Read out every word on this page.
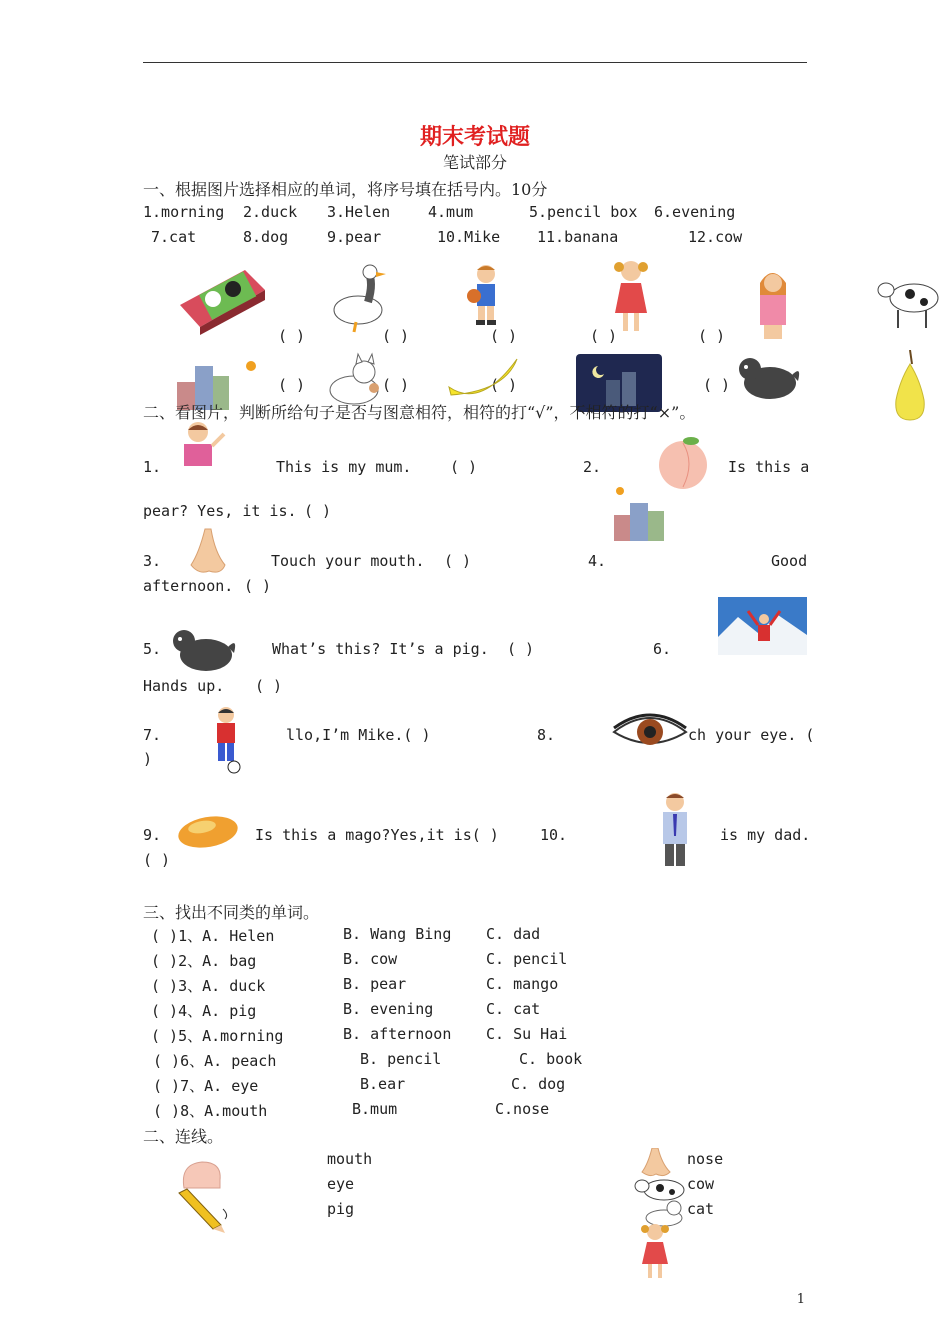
期末考试题
笔试部分
一、根据图片选择相应的单词，将序号填在括号内。10分
1.morning 2.duck 3.Helen	4.mum	5.pencil box 6.evening
7.cat	8.dog	9.pear	10.Mike 11.banana	12.cow
( )	( )	( )	( )	( )
( )	( )	( )	( )
二、看图片，判断所给句子是否与图意相符，相符的打“√”，不相符的打“×”。
1.	This is my mum.	( )	2.	Is this a
pear? Yes, it is. ( )
3.	Touch your mouth. ( )	4.	Good
afternoon. ( )
5.	What’s this? It’s a pig. ( )	6.
Hands up. ( )
7.	llo,I’m Mike.( )	8.	ch your eye. (
)
9.	Is this a mago?Yes,it is( )	10.	is my dad.
( )
三、找出不同类的单词。
( )1、A. Helen	B. Wang Bing C. dad
( )2、A. bag	B. cow	C. pencil
( )3、A. duck	B. pear	C. mango
( )4、A. pig	B. evening	C. cat
( )5、A.morning	B. afternoon C. Su Hai
( )6、A. peach	B. pencil	C. book
( )7、A. eye	B.ear	C. dog
( )8、A.mouth	B.mum	C.nose
二、连线。
mouth
eye
pig
nose
cow
cat
1
